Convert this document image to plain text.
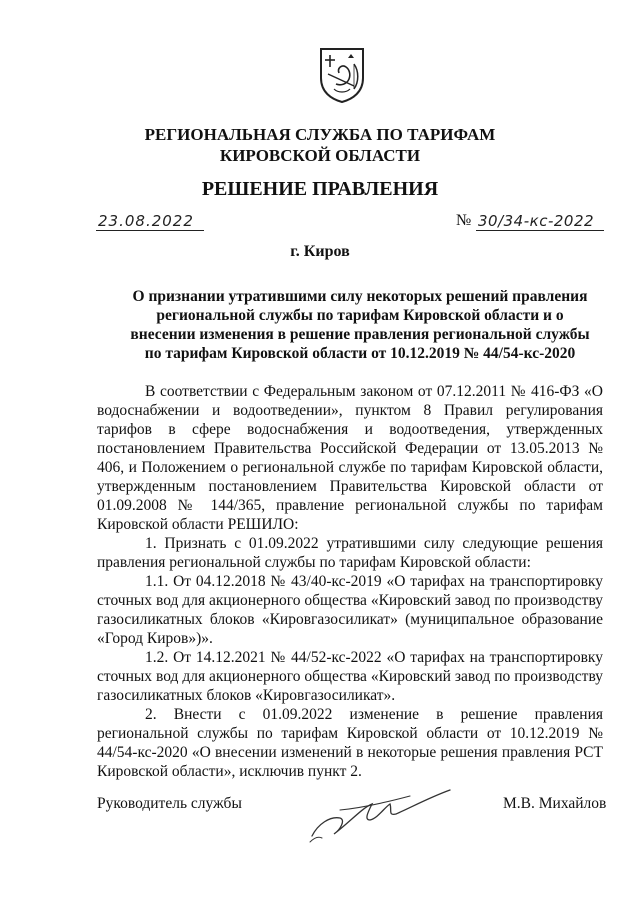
РЕГИОНАЛЬНАЯ СЛУЖБА ПО ТАРИФАМ
КИРОВСКОЙ ОБЛАСТИ
РЕШЕНИЕ ПРАВЛЕНИЯ
23.08.2022	№ 30/34-кс-2022
г. Киров
О признании утратившими силу некоторых решений правления
региональной службы по тарифам Кировской области и о
внесении изменения в решение правления региональной службы
по тарифам Кировской области от 10.12.2019 № 44/54-кс-2020

В соответствии с Федеральным законом от 07.12.2011 № 416-ФЗ «О водоснабжении и водоотведении», пунктом 8 Правил регулирования тарифов в сфере водоснабжения и водоотведения, утвержденных постановлением Правительства Российской Федерации от 13.05.2013 № 406, и Положением о региональной службе по тарифам Кировской области, утвержденным постановлением Правительства Кировской области от 01.09.2008 № 144/365, правление региональной службы по тарифам Кировской области РЕШИЛО:

1. Признать с 01.09.2022 утратившими силу следующие решения правления региональной службы по тарифам Кировской области:

1.1. От 04.12.2018 № 43/40-кс-2019 «О тарифах на транспортировку сточных вод для акционерного общества «Кировский завод по производству газосиликатных блоков «Кировгазосиликат» (муниципальное образование «Город Киров»)».

1.2. От 14.12.2021 № 44/52-кс-2022 «О тарифах на транспортировку сточных вод для акционерного общества «Кировский завод по производству газосиликатных блоков «Кировгазосиликат».

2. Внести с 01.09.2022 изменение в решение правления региональной службы по тарифам Кировской области от 10.12.2019 № 44/54-кс-2020 «О внесении изменений в некоторые решения правления РСТ Кировской области», исключив пункт 2.

Руководитель службы	М.В. Михайлов
